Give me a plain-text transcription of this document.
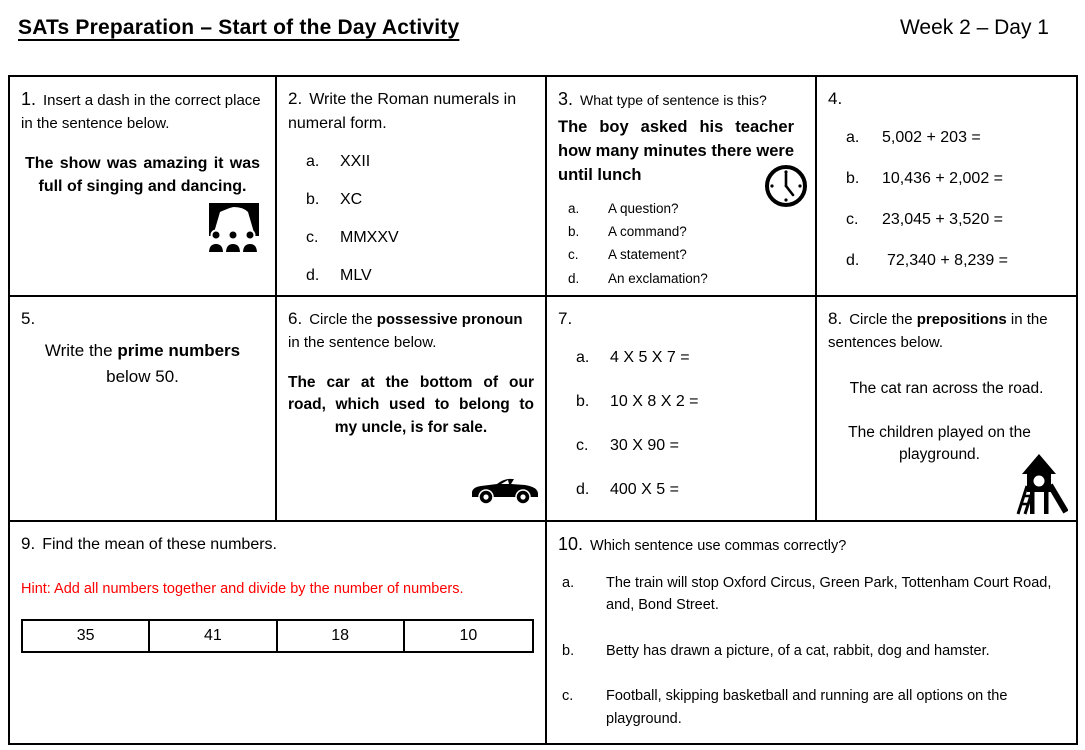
SATs Preparation – Start of the Day Activity	Week 2 – Day 1

1. Insert a dash in the correct place in the sentence below.

The show was amazing it was full of singing and dancing.

2. Write the Roman numerals in numeral form.

a.	XXII
b.	XC
c.	MMXXV
d.	MLV

3. What type of sentence is this?

The boy asked his teacher how many minutes there were until lunch

a.	A question?
b.	A command?
c.	A statement?
d.	An exclamation?

4.

a.	5,002 + 203 =
b.	10,436 + 2,002 =
c.	23,045 + 3,520 =
d.	72,340 + 8,239 =

5.

Write the prime numbers below 50.

6. Circle the possessive pronoun in the sentence below.

The car at the bottom of our road, which used to belong to my uncle, is for sale.

7.

a.	4 X 5 X 7 =
b.	10 X 8 X 2 =
c.	30 X 90 =
d.	400 X 5 =

8. Circle the prepositions in the sentences below.

The cat ran across the road.

The children played on the playground.

9. Find the mean of these numbers.

Hint: Add all numbers together and divide by the number of numbers.

35	41	18	10

10. Which sentence use commas correctly?

a.	The train will stop Oxford Circus, Green Park, Tottenham Court Road, and, Bond Street.
b.	Betty has drawn a picture, of a cat, rabbit, dog and hamster.
c.	Football, skipping basketball and running are all options on the playground.
